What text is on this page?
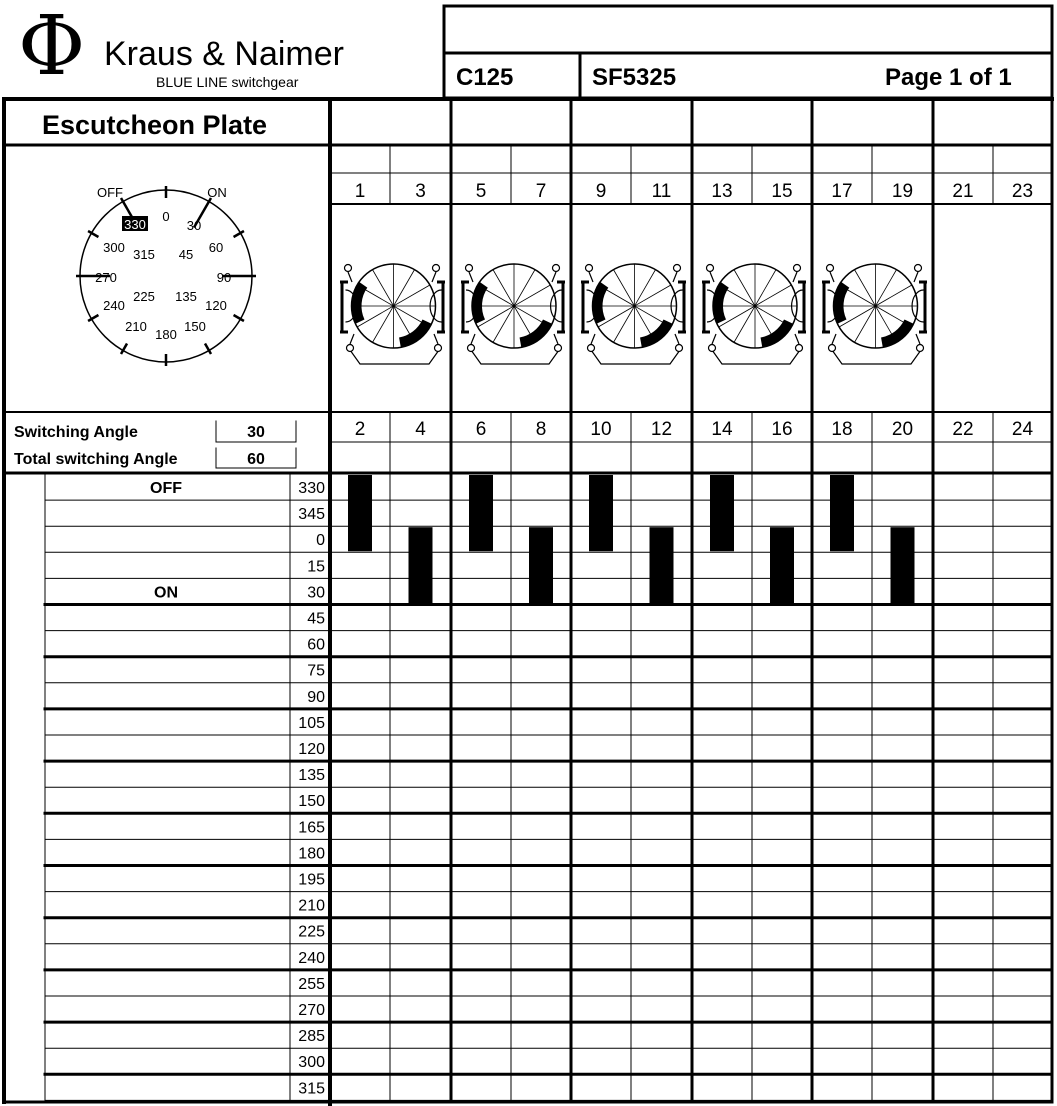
Φ Kraus & Naimer
BLUE LINE switchgear	C125	SF5325	Page 1 of 1
Escutcheon Plate
Switching Angle	30
Total switching Angle	60
0
30
60
90
120
150
180
210
240
270
300
330
315 45
135
225
OFF	ON	1	3	5	7	9 11 13 15 17 19 21 23
2	4	6	8 10 12 14 16 18 20 22 24
330
OFF
345
0
15
30
ON
45
60
75
90
105
120
135
150
165
180
195
210
225
240
255
270
285
300
315
